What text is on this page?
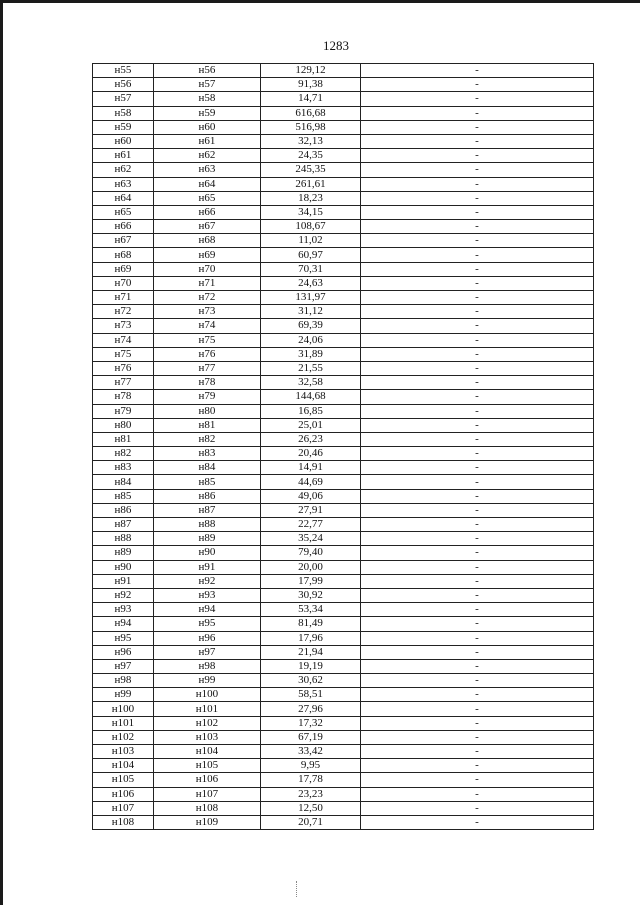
1283
н55	н56	129,12	-
н56	н57	91,38	-
н57	н58	14,71	-
н58	н59	616,68	-
н59	н60	516,98	-
н60	н61	32,13	-
н61	н62	24,35	-
н62	н63	245,35	-
н63	н64	261,61	-
н64	н65	18,23	-
н65	н66	34,15	-
н66	н67	108,67	-
н67	н68	11,02	-
н68	н69	60,97	-
н69	н70	70,31	-
н70	н71	24,63	-
н71	н72	131,97	-
н72	н73	31,12	-
н73	н74	69,39	-
н74	н75	24,06	-
н75	н76	31,89	-
н76	н77	21,55	-
н77	н78	32,58	-
н78	н79	144,68	-
н79	н80	16,85	-
н80	н81	25,01	-
н81	н82	26,23	-
н82	н83	20,46	-
н83	н84	14,91	-
н84	н85	44,69	-
н85	н86	49,06	-
н86	н87	27,91	-
н87	н88	22,77	-
н88	н89	35,24	-
н89	н90	79,40	-
н90	н91	20,00	-
н91	н92	17,99	-
н92	н93	30,92	-
н93	н94	53,34	-
н94	н95	81,49	-
н95	н96	17,96	-
н96	н97	21,94	-
н97	н98	19,19	-
н98	н99	30,62	-
н99	н100	58,51	-
н100	н101	27,96	-
н101	н102	17,32	-
н102	н103	67,19	-
н103	н104	33,42	-
н104	н105	9,95	-
н105	н106	17,78	-
н106	н107	23,23	-
н107	н108	12,50	-
н108	н109	20,71	-
